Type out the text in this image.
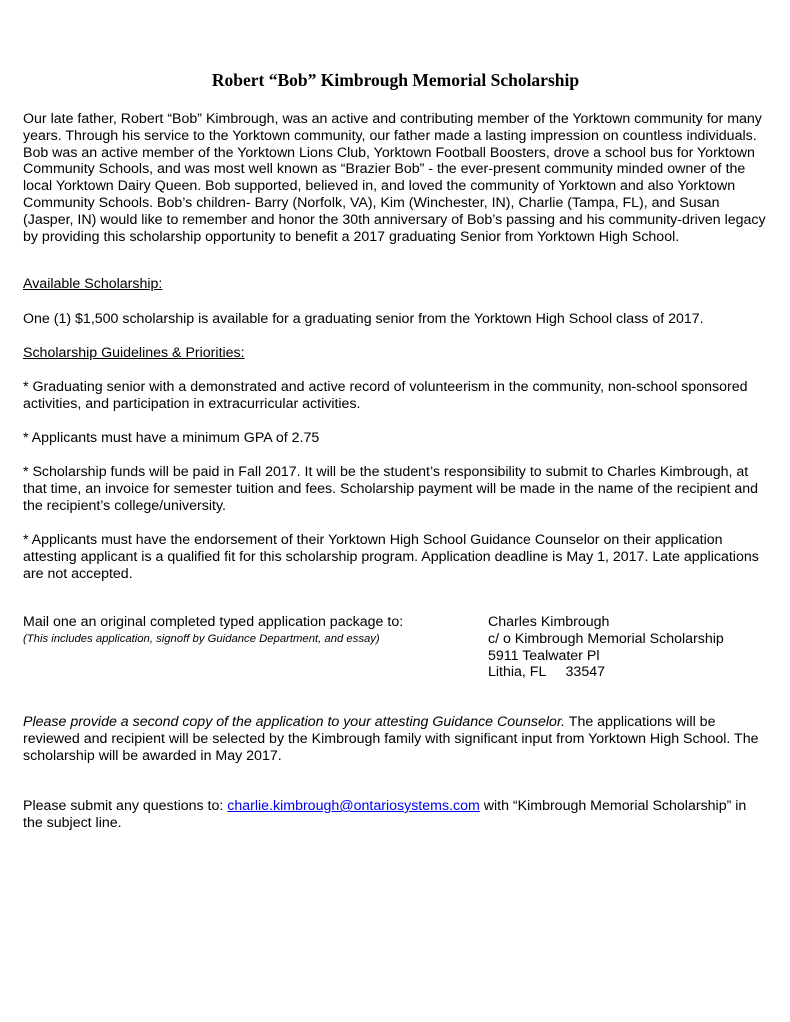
Robert “Bob” Kimbrough Memorial Scholarship

Our late father, Robert “Bob” Kimbrough, was an active and contributing member of the Yorktown community for many years. Through his service to the Yorktown community, our father made a lasting impression on countless individuals. Bob was an active member of the Yorktown Lions Club, Yorktown Football Boosters, drove a school bus for Yorktown Community Schools, and was most well known as “Brazier Bob” - the ever-present community minded owner of the local Yorktown Dairy Queen. Bob supported, believed in, and loved the community of Yorktown and also Yorktown Community Schools. Bob’s children- Barry (Norfolk, VA), Kim (Winchester, IN), Charlie (Tampa, FL), and Susan (Jasper, IN) would like to remember and honor the 30th anniversary of Bob’s passing and his community-driven legacy by providing this scholarship opportunity to benefit a 2017 graduating Senior from Yorktown High School.

Available Scholarship:

One (1) $1,500 scholarship is available for a graduating senior from the Yorktown High School class of 2017.

Scholarship Guidelines & Priorities:

* Graduating senior with a demonstrated and active record of volunteerism in the community, non-school sponsored activities, and participation in extracurricular activities.

* Applicants must have a minimum GPA of 2.75

* Scholarship funds will be paid in Fall 2017. It will be the student’s responsibility to submit to Charles Kimbrough, at that time, an invoice for semester tuition and fees. Scholarship payment will be made in the name of the recipient and the recipient’s college/university.

* Applicants must have the endorsement of their Yorktown High School Guidance Counselor on their application attesting applicant is a qualified fit for this scholarship program. Application deadline is May 1, 2017. Late applications are not accepted.

Mail one an original completed typed application package to:

(This includes application, signoff by Guidance Department, and essay)

Charles Kimbrough
c/ o Kimbrough Memorial Scholarship
5911 Tealwater Pl
Lithia, FL     33547

Please provide a second copy of the application to your attesting Guidance Counselor. The applications will be reviewed and recipient will be selected by the Kimbrough family with significant input from Yorktown High School. The scholarship will be awarded in May 2017.

Please submit any questions to: charlie.kimbrough@ontariosystems.com with “Kimbrough Memorial Scholarship” in the subject line.
